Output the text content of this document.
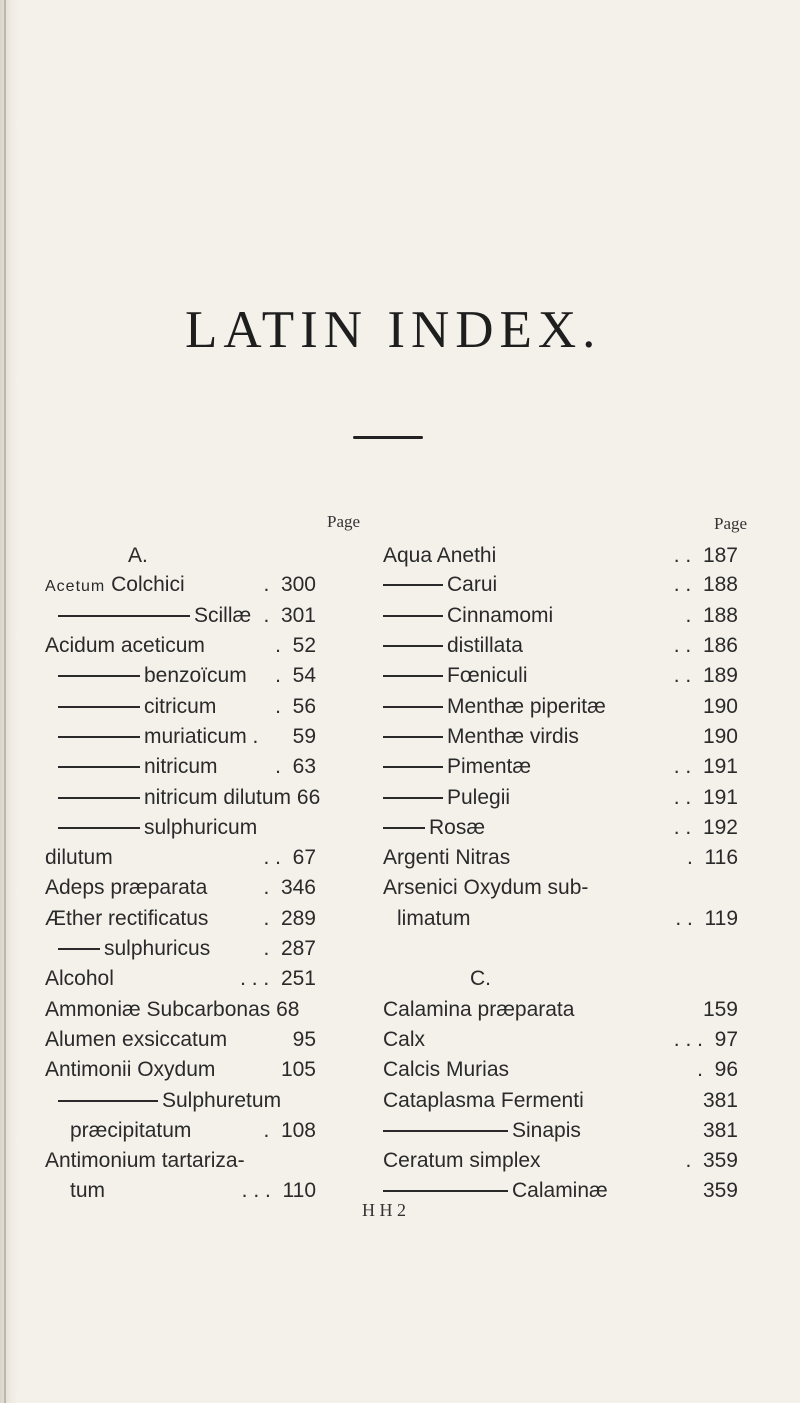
LATIN INDEX.
Page	Page
A.
Acetum Colchici	. 300
Scillæ . 301
Acidum aceticum	. 52
benzoïcum	. 54
citricum	. 56
muriaticum .	59
nitricum	. 63
nitricum dilutum 66
sulphuricum
dilutum	. . 67
Adeps præparata	. 346
Æther rectificatus	. 289
sulphuricus	. 287
Alcohol	. . . 251
Ammoniæ Subcarbonas 68
Alumen exsiccatum	95
Antimonii Oxydum	105
Sulphuretum
præcipitatum	. 108
Antimonium tartariza-
tum	. . . 110
Aqua Anethi	. . 187
Carui	. . 188
Cinnamomi	. 188
distillata	. . 186
Fœniculi	. . 189
Menthæ piperitæ	190
Menthæ virdis	190
Pimentæ	. . 191
Pulegii	. . 191
Rosæ	. . 192
Argenti Nitras	. 116
Arsenici Oxydum sub-
limatum	. . 119
C.
Calamina præparata	159
Calx	. . . 97
Calcis Murias	. 96
Cataplasma Fermenti	381
Sinapis	381
Ceratum simplex	. 359
Calaminæ	359
H H 2
